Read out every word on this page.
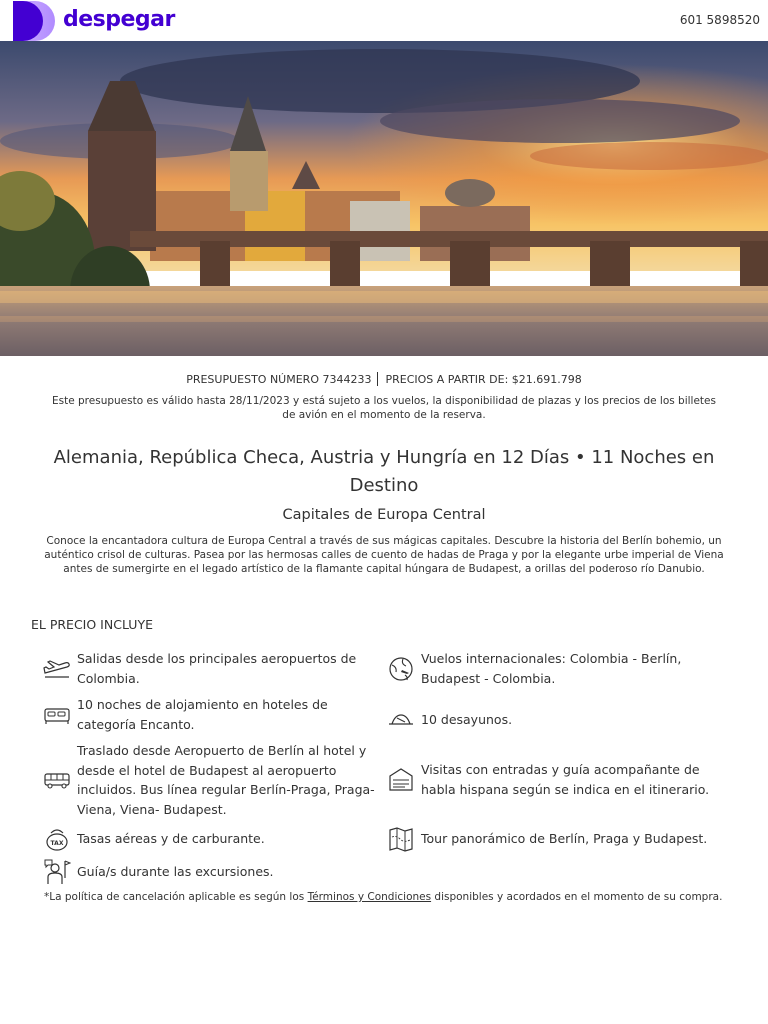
despegar	601 5898520
PRESUPUESTO NÚMERO 7344233 PRECIOS A PARTIR DE: $21.691.798
Este presupuesto es válido hasta 28/11/2023 y está sujeto a los vuelos, la disponibilidad de plazas y los precios de los billetes de avión en el momento de la reserva.
Alemania, República Checa, Austria y Hungría en 12 Días • 11 Noches en Destino
Capitales de Europa Central
Conoce la encantadora cultura de Europa Central a través de sus mágicas capitales. Descubre la historia del Berlín bohemio, un auténtico crisol de culturas. Pasea por las hermosas calles de cuento de hadas de Praga y por la elegante urbe imperial de Viena antes de sumergirte en el legado artístico de la flamante capital húngara de Budapest, a orillas del poderoso río Danubio.
EL PRECIO INCLUYE
Salidas desde los principales aeropuertos de Colombia.
Vuelos internacionales: Colombia - Berlín, Budapest - Colombia.
10 noches de alojamiento en hoteles de categoría Encanto.	10 desayunos.
Traslado desde Aeropuerto de Berlín al hotel y desde el hotel de Budapest al aeropuerto incluidos. Bus línea regular Berlín-Praga, Praga-Viena, Viena- Budapest.
Visitas con entradas y guía acompañante de habla hispana según se indica en el itinerario.
TAX Tasas aéreas y de carburante.	Tour panorámico de Berlín, Praga y Budapest.
Guía/s durante las excursiones.
*La política de cancelación aplicable es según los Términos y Condiciones disponibles y acordados en el momento de su compra.
